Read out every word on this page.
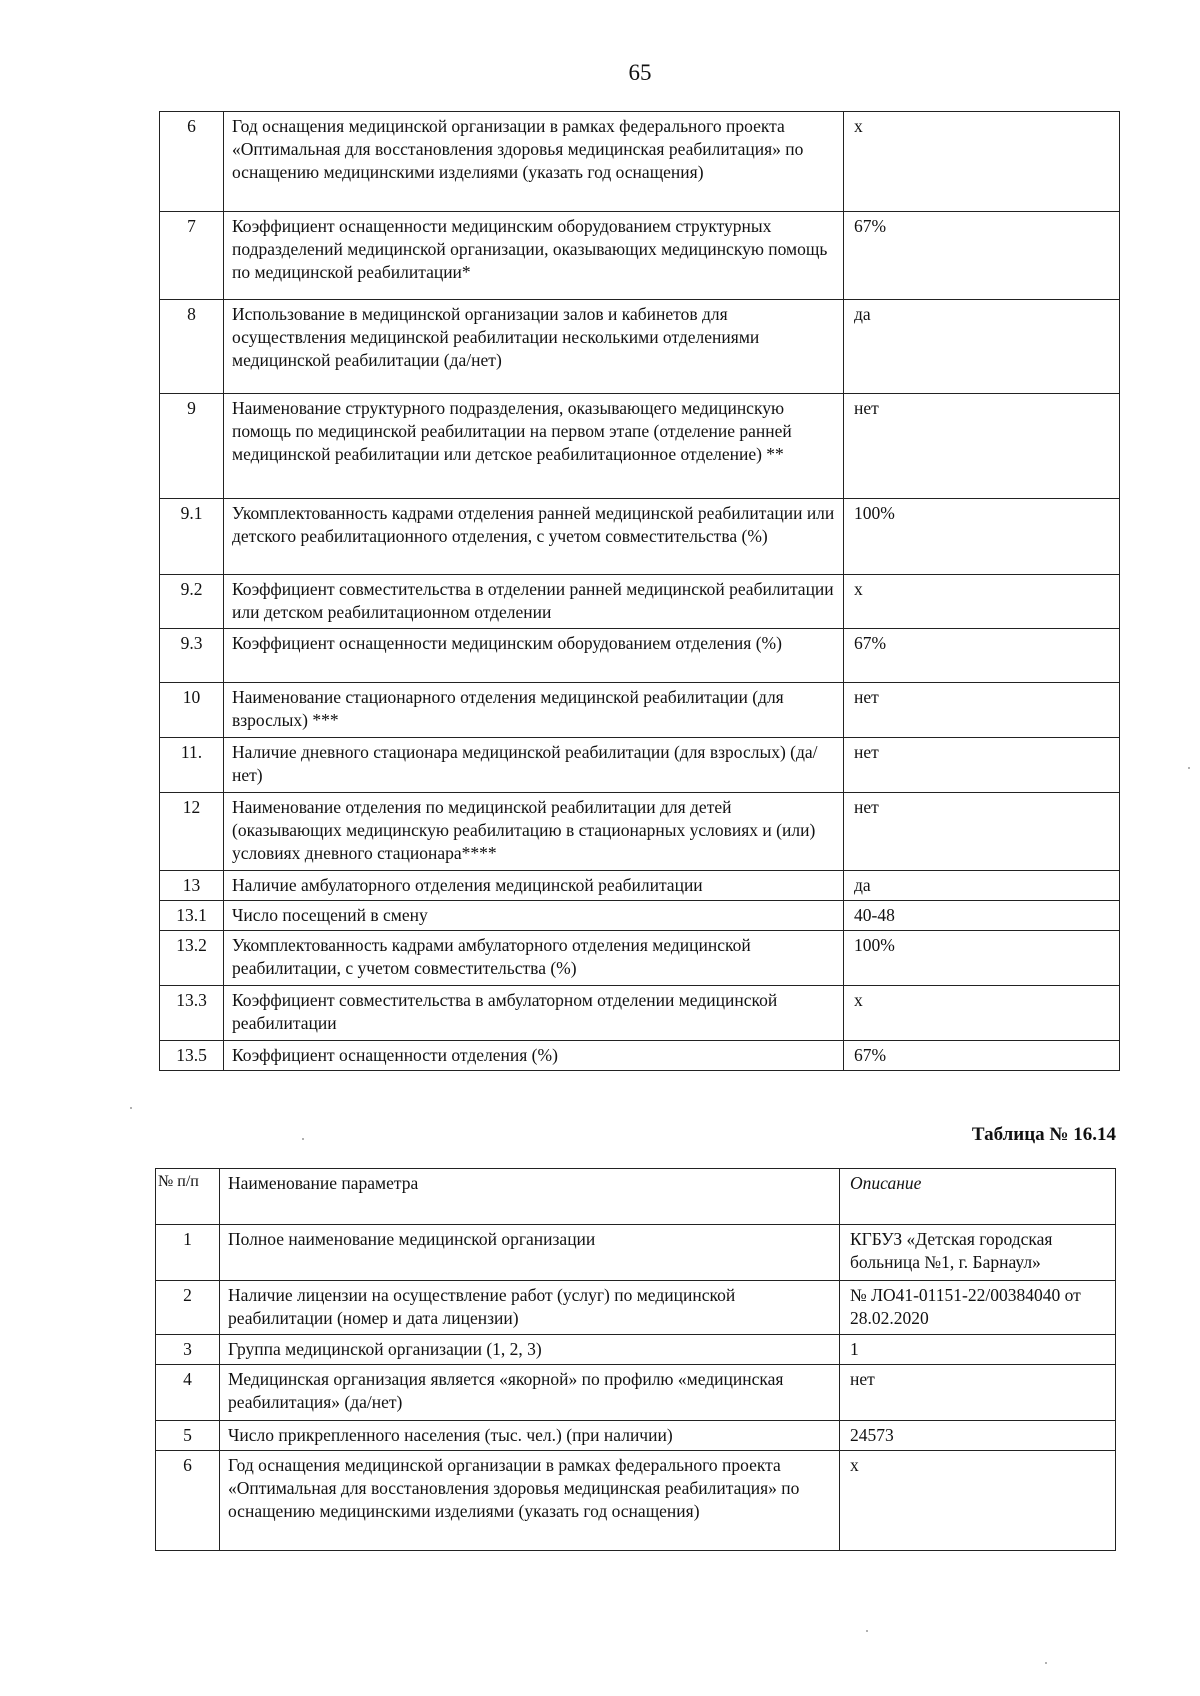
65
6	Год оснащения медицинской организации в рамках федерального проекта «Оптимальная для восстановления здоровья медицинская реабилитация» по оснащению медицинскими изделиями (указать год оснащения)	х
7	Коэффициент оснащенности медицинским оборудованием структурных подразделений медицинской организации, оказывающих медицинскую помощь по медицинской реабилитации*	67%
8	Использование в медицинской организации залов и кабинетов для осуществления медицинской реабилитации несколькими отделениями медицинской реабилитации (да/нет)	да
9	Наименование структурного подразделения, оказывающего медицинскую помощь по медицинской реабилитации на первом этапе (отделение ранней медицинской реабилитации или детское реабилитационное отделение) **	нет
9.1	Укомплектованность кадрами отделения ранней медицинской реабилитации или детского реабилитационного отделения, с учетом совместительства (%)	100%
9.2	Коэффициент совместительства в отделении ранней медицинской реабилитации или детском реабилитационном отделении	х
9.3	Коэффициент оснащенности медицинским оборудованием отделения (%)	67%
10	Наименование стационарного отделения медицинской реабилитации (для взрослых) ***	нет
11.	Наличие дневного стационара медицинской реабилитации (для взрослых) (да/нет)	нет
12	Наименование отделения по медицинской реабилитации для детей (оказывающих медицинскую реабилитацию в стационарных условиях и (или) условиях дневного стационара****	нет
13	Наличие амбулаторного отделения медицинской реабилитации	да
13.1	Число посещений в смену	40-48
13.2	Укомплектованность кадрами амбулаторного отделения медицинской реабилитации, с учетом совместительства (%)	100%
13.3	Коэффициент совместительства в амбулаторном отделении медицинской реабилитации	х
13.5	Коэффициент оснащенности отделения (%)	67%
Таблица № 16.14
№ п/п	Наименование параметра	Описание
1	Полное наименование медицинской организации	КГБУЗ «Детская городская больница №1, г. Барнаул»
2	Наличие лицензии на осуществление работ (услуг) по медицинской реабилитации (номер и дата лицензии)	№ ЛО41-01151-22/00384040 от 28.02.2020
3	Группа медицинской организации (1, 2, 3)	1
4	Медицинская организация является «якорной» по профилю «медицинская реабилитация» (да/нет)	нет
5	Число прикрепленного населения (тыс. чел.) (при наличии)	24573
6	Год оснащения медицинской организации в рамках федерального проекта «Оптимальная для восстановления здоровья медицинская реабилитация» по оснащению медицинскими изделиями (указать год оснащения)	х
